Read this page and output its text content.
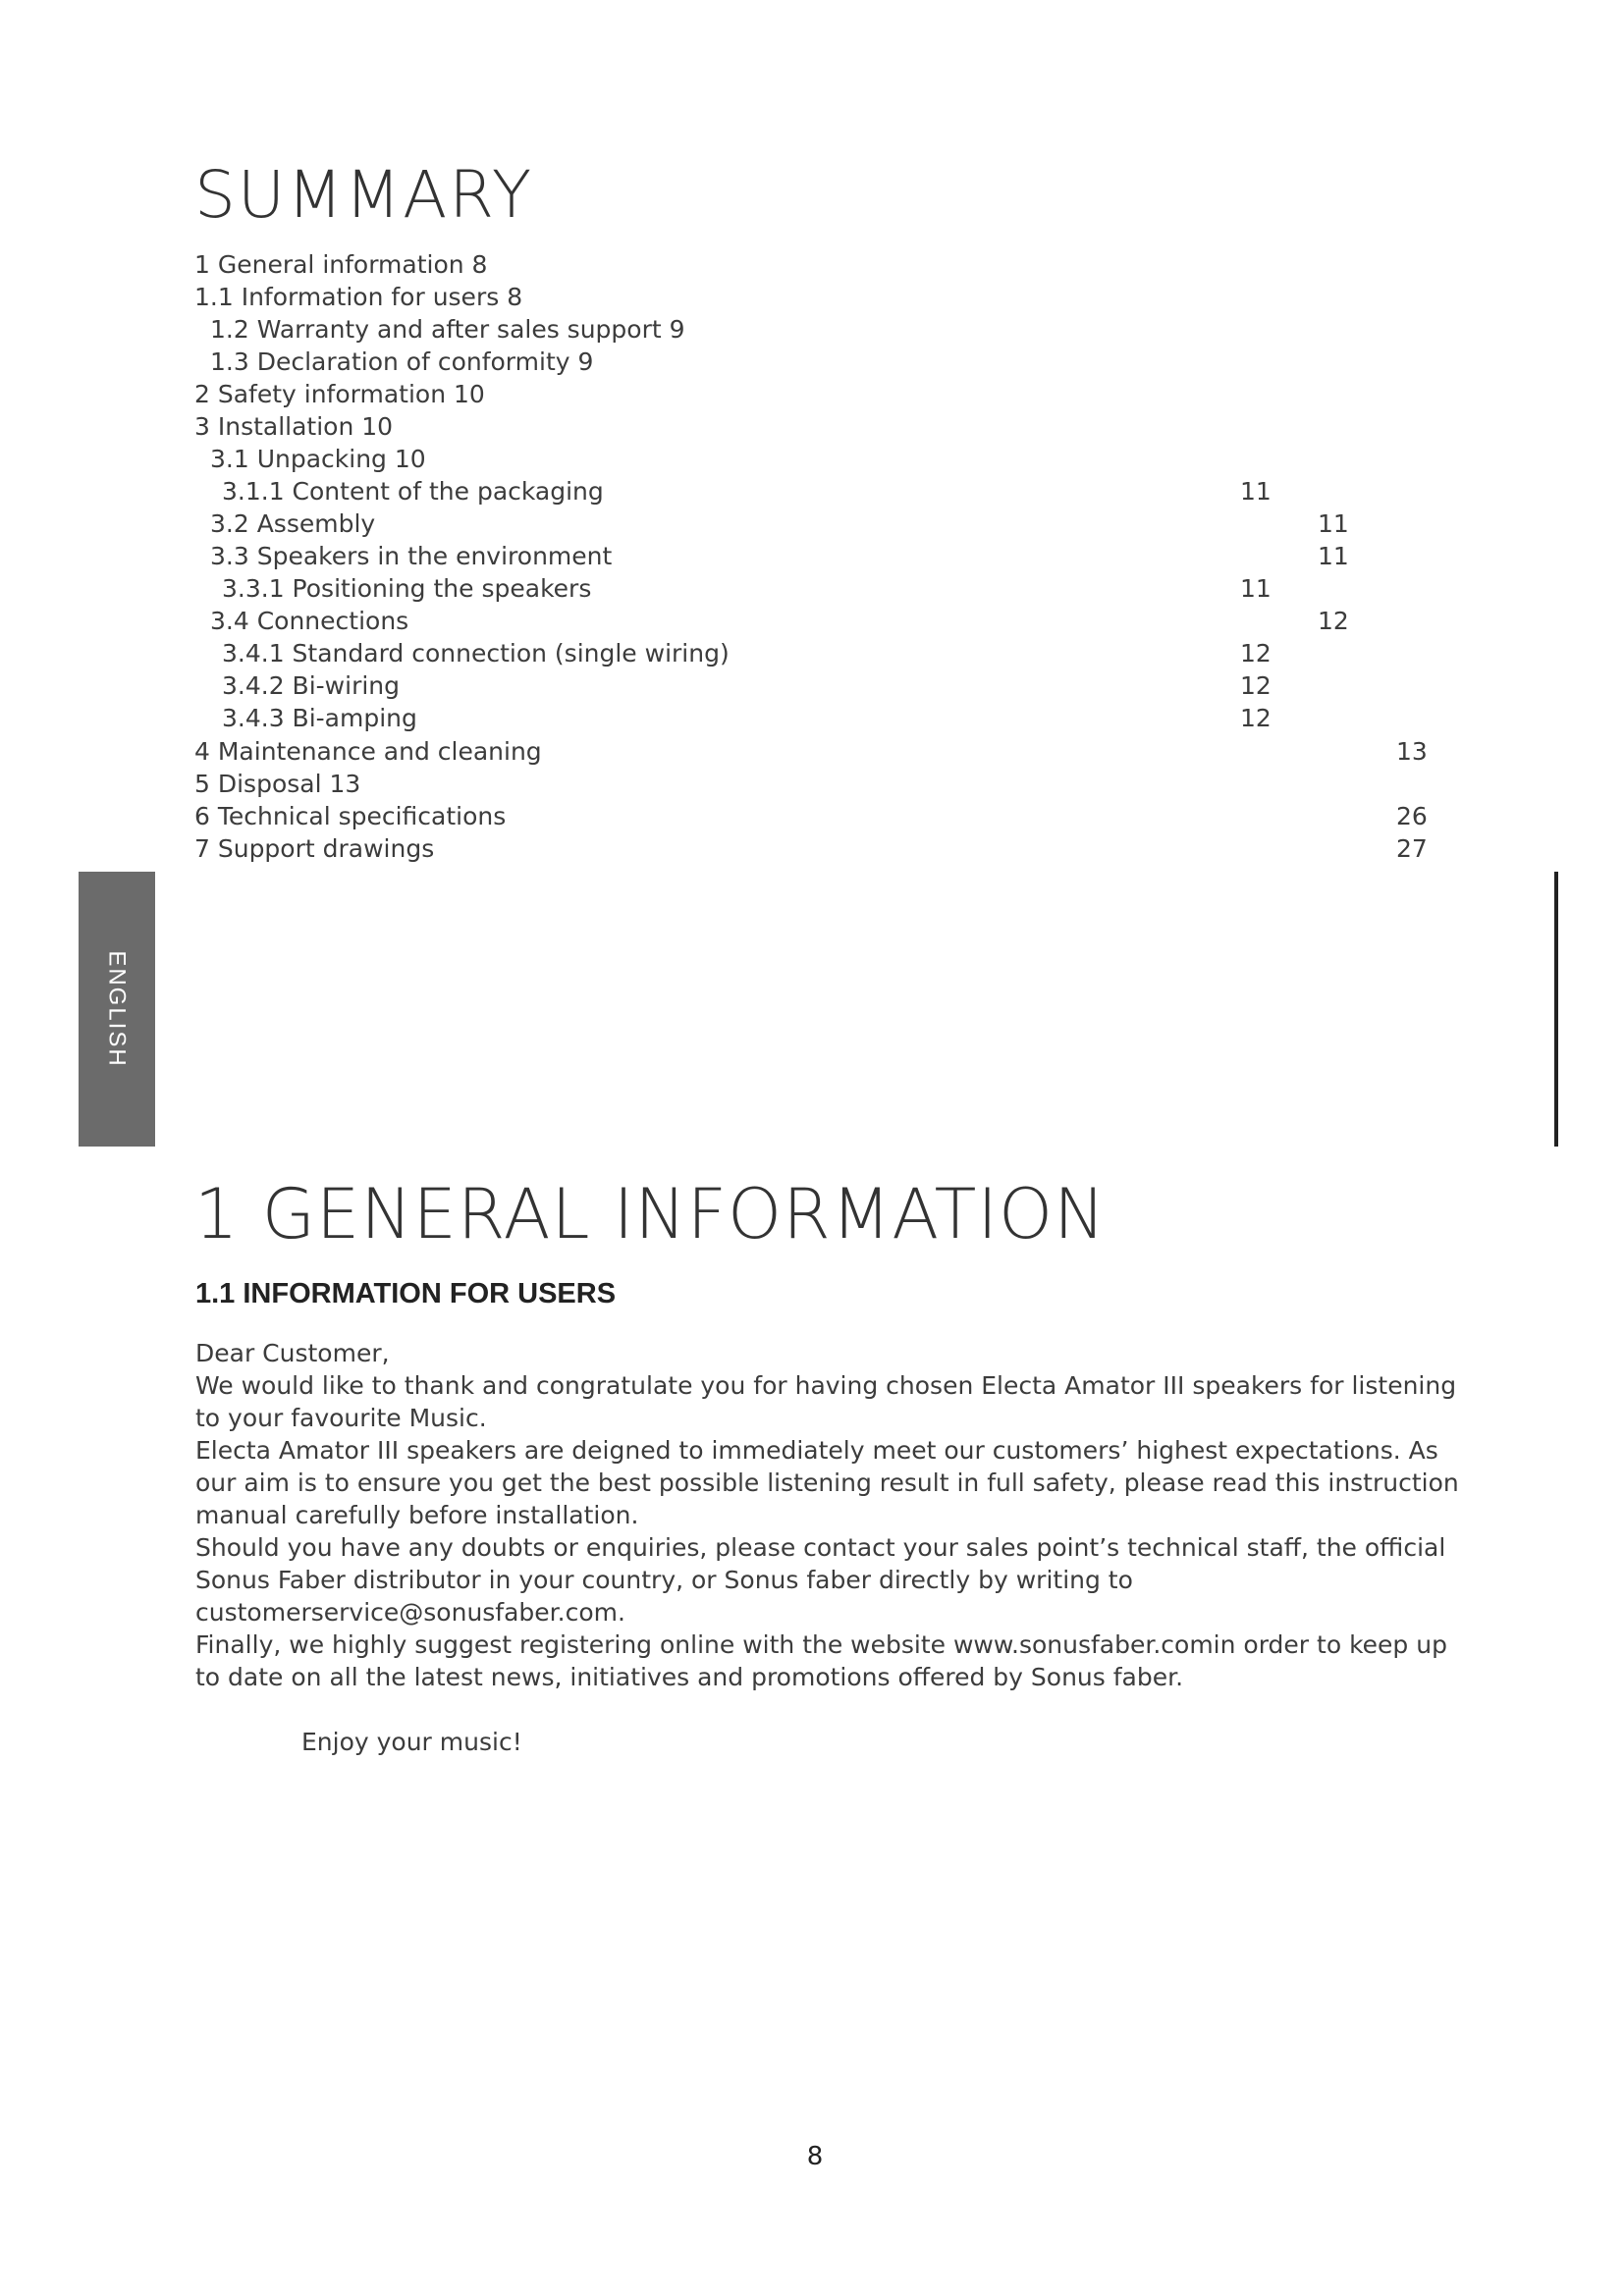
SUMMARY
1 General information 8
1.1 Information for users 8
1.2 Warranty and after sales support 9
1.3 Declaration of conformity 9
2 Safety information 10
3 Installation 10
3.1 Unpacking 10
3.1.1 Content of the packaging	11
3.2 Assembly	11
3.3 Speakers in the environment	11
3.3.1 Positioning the speakers	11
3.4 Connections	12
3.4.1 Standard connection (single wiring)	12
3.4.2 Bi-wiring	12
3.4.3 Bi-amping	12
4 Maintenance and cleaning	13
5 Disposal 13
6 Technical specifications	26
7 Support drawings	27
ENGLISH
1 GENERAL INFORMATION
1.1 INFORMATION FOR USERS

Dear Customer,

We would like to thank and congratulate you for having chosen Electa Amator III speakers for listening to your favourite Music.

Electa Amator III speakers are deigned to immediately meet our customers’ highest expectations. As our aim is to ensure you get the best possible listening result in full safety, please read this instruction manual carefully before installation.

Should you have any doubts or enquiries, please contact your sales point’s technical staff, the official Sonus Faber distributor in your country, or Sonus faber directly by writing to customerservice@sonusfaber.com.

Finally, we highly suggest registering online with the website www.sonusfaber.comin order to keep up to date on all the latest news, initiatives and promotions offered by Sonus faber.

Enjoy your music!

8
